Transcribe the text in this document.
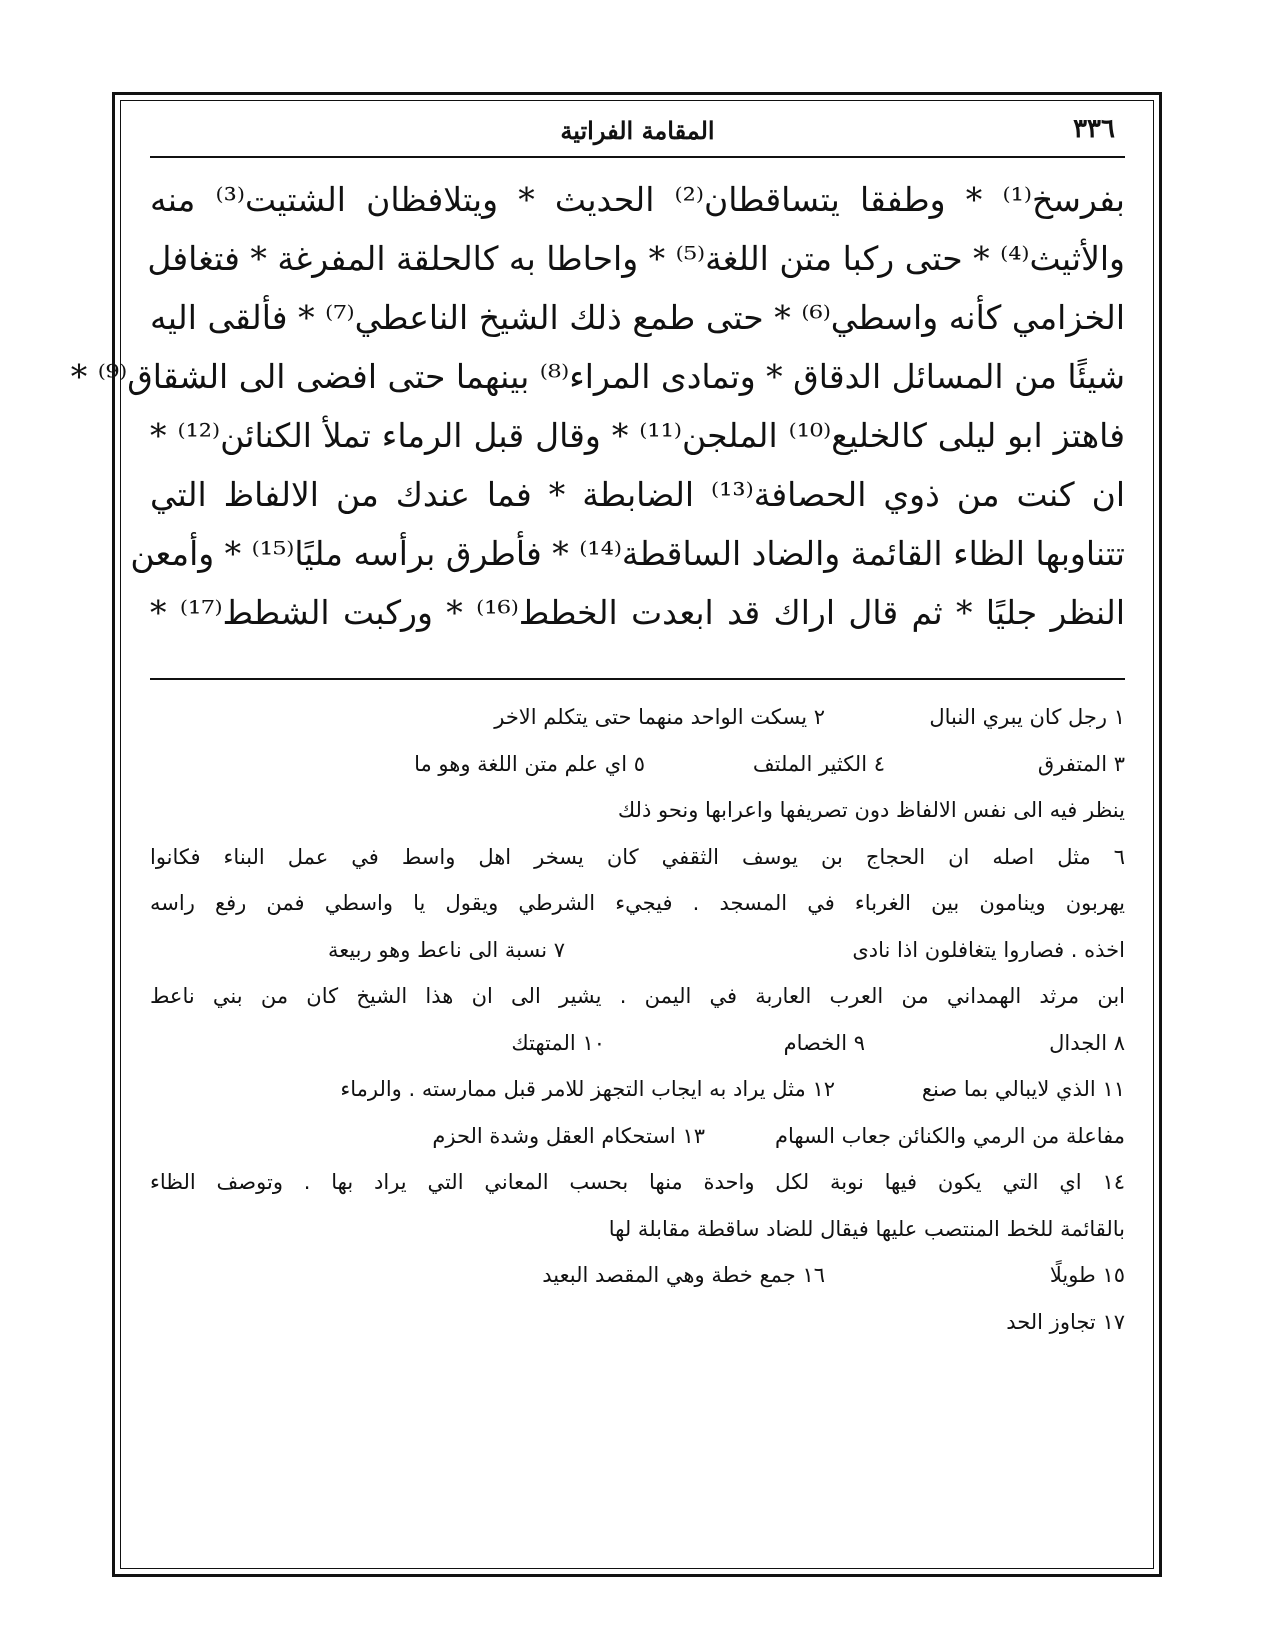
٣٣٦
المقامة الفراتية
بفرسخ⁽¹⁾ * وطفقا يتساقطان⁽²⁾ الحديث * ويتلافظان الشتيت⁽³⁾ منه
والأثيث⁽⁴⁾ * حتى ركبا متن اللغة⁽⁵⁾ * واحاطا به كالحلقة المفرغة * فتغافل
الخزامي كأنه واسطي⁽⁶⁾ * حتى طمع ذلك الشيخ الناعطي⁽⁷⁾ * فألقى اليه
شيئًا من المسائل الدقاق * وتمادى المراء⁽⁸⁾ بينهما حتى افضى الى الشقاق⁽⁹⁾ *
فاهتز ابو ليلى كالخليع⁽¹⁰⁾ الملجن⁽¹¹⁾ * وقال قبل الرماء تملأ الكنائن⁽¹²⁾ *
ان كنت من ذوي الحصافة⁽¹³⁾ الضابطة * فما عندك من الالفاظ التي
تتناوبها الظاء القائمة والضاد الساقطة⁽¹⁴⁾ * فأطرق برأسه مليًا⁽¹⁵⁾ * وأمعن
النظر جليًا * ثم قال اراك قد ابعدت الخطط⁽¹⁶⁾ * وركبت الشطط⁽¹⁷⁾ *
١ رجل كان يبري النبال
٢ يسكت الواحد منهما حتى يتكلم الاخر
٣ المتفرق
٤ الكثير الملتف
٥ اي علم متن اللغة وهو ما
ينظر فيه الى نفس الالفاظ دون تصريفها واعرابها ونحو ذلك
٦ مثل اصله ان الحجاج بن يوسف الثقفي كان يسخر اهل واسط في عمل البناء فكانوا
يهربون وينامون بين الغرباء في المسجد . فيجيء الشرطي ويقول يا واسطي فمن رفع راسه
اخذه . فصاروا يتغافلون اذا نادى
٧ نسبة الى ناعط وهو ربيعة
ابن مرثد الهمداني من العرب العاربة في اليمن . يشير الى ان هذا الشيخ كان من بني ناعط
٨ الجدال
٩ الخصام
١٠ المتهتك
١١ الذي لايبالي بما صنع
١٢ مثل يراد به ايجاب التجهز للامر قبل ممارسته . والرماء
مفاعلة من الرمي والكنائن جعاب السهام
١٣ استحكام العقل وشدة الحزم
١٤ اي التي يكون فيها نوبة لكل واحدة منها بحسب المعاني التي يراد بها . وتوصف الظاء
بالقائمة للخط المنتصب عليها فيقال للضاد ساقطة مقابلة لها
١٥ طويلًا
١٦ جمع خطة وهي المقصد البعيد
١٧ تجاوز الحد
